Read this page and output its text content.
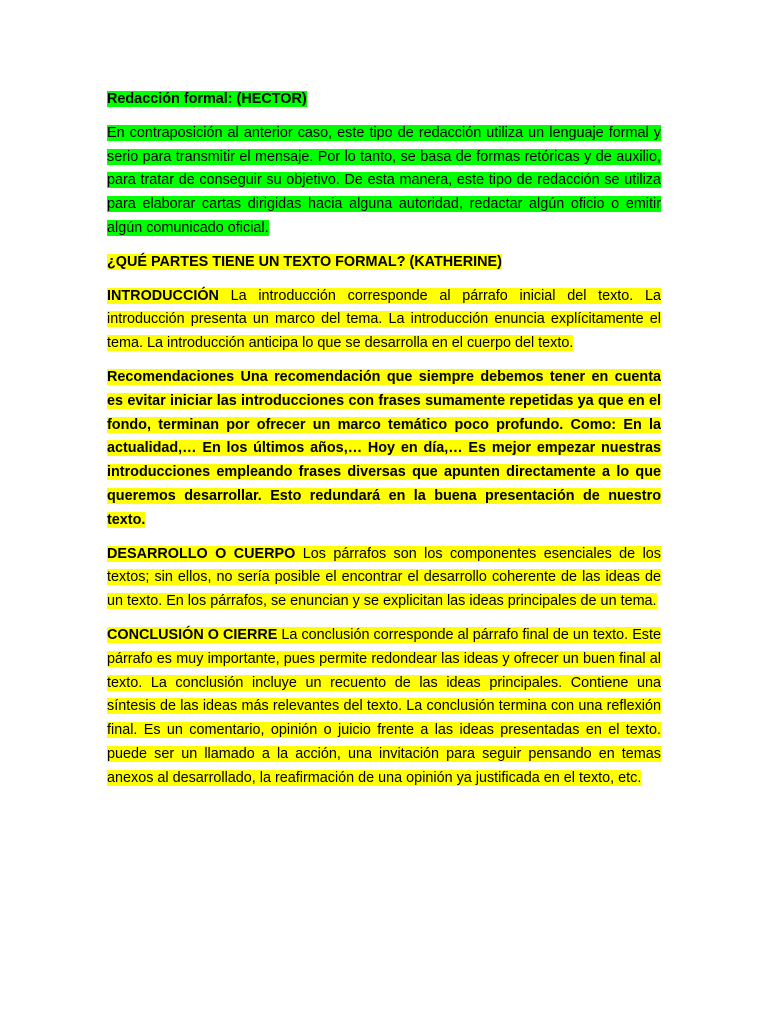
Redacción formal: (HECTOR)

En contraposición al anterior caso, este tipo de redacción utiliza un lenguaje formal y serio para transmitir el mensaje. Por lo tanto, se basa de formas retóricas y de auxilio, para tratar de conseguir su objetivo. De esta manera, este tipo de redacción se utiliza para elaborar cartas dirigidas hacia alguna autoridad, redactar algún oficio o emitir algún comunicado oficial.

¿QUÉ PARTES TIENE UN TEXTO FORMAL? (KATHERINE)

INTRODUCCIÓN La introducción corresponde al párrafo inicial del texto. La introducción presenta un marco del tema. La introducción enuncia explícitamente el tema. La introducción anticipa lo que se desarrolla en el cuerpo del texto.

Recomendaciones Una recomendación que siempre debemos tener en cuenta es evitar iniciar las introducciones con frases sumamente repetidas ya que en el fondo, terminan por ofrecer un marco temático poco profundo. Como: En la actualidad,… En los últimos años,… Hoy en día,… Es mejor empezar nuestras introducciones empleando frases diversas que apunten directamente a lo que queremos desarrollar. Esto redundará en la buena presentación de nuestro texto.

DESARROLLO O CUERPO Los párrafos son los componentes esenciales de los textos; sin ellos, no sería posible el encontrar el desarrollo coherente de las ideas de un texto. En los párrafos, se enuncian y se explicitan las ideas principales de un tema.

CONCLUSIÓN O CIERRE La conclusión corresponde al párrafo final de un texto. Este párrafo es muy importante, pues permite redondear las ideas y ofrecer un buen final al texto. La conclusión incluye un recuento de las ideas principales. Contiene una síntesis de las ideas más relevantes del texto. La conclusión termina con una reflexión final. Es un comentario, opinión o juicio frente a las ideas presentadas en el texto. puede ser un llamado a la acción, una invitación para seguir pensando en temas anexos al desarrollado, la reafirmación de una opinión ya justificada en el texto, etc.
